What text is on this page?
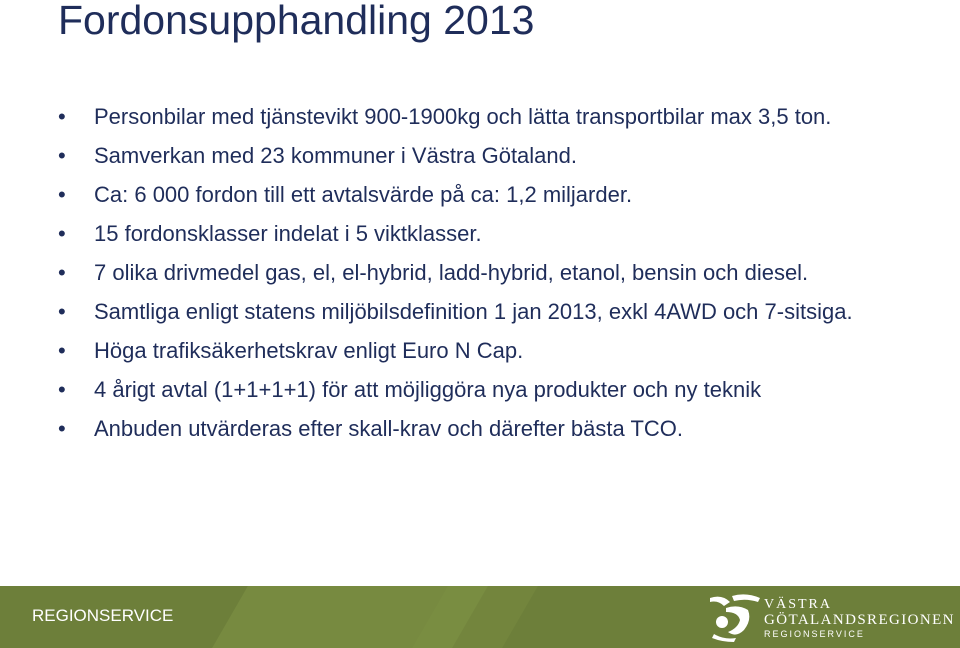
Fordonsupphandling 2013
• Personbilar med tjänstevikt 900-1900kg och lätta transportbilar max 3,5 ton.
• Samverkan med 23 kommuner i Västra Götaland.
• Ca: 6 000 fordon till ett avtalsvärde på ca: 1,2 miljarder.
• 15 fordonsklasser indelat i 5 viktklasser.
• 7 olika drivmedel gas, el, el-hybrid, ladd-hybrid, etanol, bensin och diesel.
• Samtliga enligt statens miljöbilsdefinition 1 jan 2013, exkl 4AWD och 7-sitsiga.
• Höga trafiksäkerhetskrav enligt Euro N Cap.
• 4 årigt avtal (1+1+1+1) för att möjliggöra nya produkter och ny teknik
• Anbuden utvärderas efter skall-krav och därefter bästa TCO.
REGIONSERVICE
VÄSTRA
GÖTALANDSREGIONEN
REGIONSERVICE
